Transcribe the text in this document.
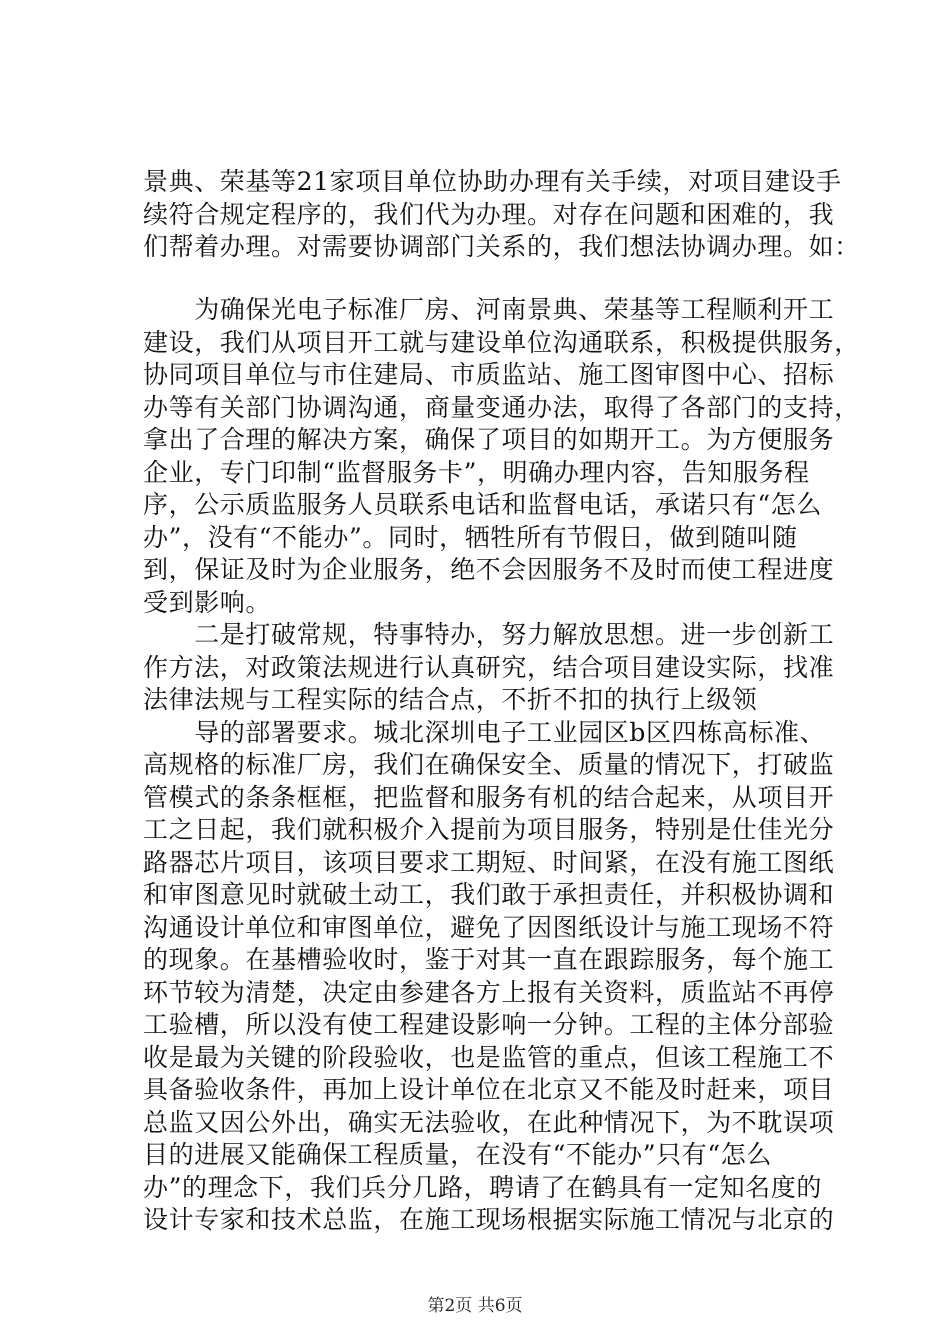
景典、荣基等21家项目单位协助办理有关手续，对项目建设手
续符合规定程序的，我们代为办理。对存在问题和困难的，我
们帮着办理。对需要协调部门关系的，我们想法协调办理。如：
　　为确保光电子标准厂房、河南景典、荣基等工程顺利开工
建设，我们从项目开工就与建设单位沟通联系，积极提供服务，
协同项目单位与市住建局、市质监站、施工图审图中心、招标
办等有关部门协调沟通，商量变通办法，取得了各部门的支持，
拿出了合理的解决方案，确保了项目的如期开工。为方便服务
企业，专门印制“监督服务卡”，明确办理内容，告知服务程
序，公示质监服务人员联系电话和监督电话，承诺只有“怎么
办”，没有“不能办”。同时，牺牲所有节假日，做到随叫随
到，保证及时为企业服务，绝不会因服务不及时而使工程进度
受到影响。
　　二是打破常规，特事特办，努力解放思想。进一步创新工
作方法，对政策法规进行认真研究，结合项目建设实际，找准
法律法规与工程实际的结合点，不折不扣的执行上级领
　　导的部署要求。城北深圳电子工业园区b区四栋高标准、
高规格的标准厂房，我们在确保安全、质量的情况下，打破监
管模式的条条框框，把监督和服务有机的结合起来，从项目开
工之日起，我们就积极介入提前为项目服务，特别是仕佳光分
路器芯片项目，该项目要求工期短、时间紧，在没有施工图纸
和审图意见时就破土动工，我们敢于承担责任，并积极协调和
沟通设计单位和审图单位，避免了因图纸设计与施工现场不符
的现象。在基槽验收时，鉴于对其一直在跟踪服务，每个施工
环节较为清楚，决定由参建各方上报有关资料，质监站不再停
工验槽，所以没有使工程建设影响一分钟。工程的主体分部验
收是最为关键的阶段验收，也是监管的重点，但该工程施工不
具备验收条件，再加上设计单位在北京又不能及时赶来，项目
总监又因公外出，确实无法验收，在此种情况下，为不耽误项
目的进展又能确保工程质量，在没有“不能办”只有“怎么
办”的理念下，我们兵分几路，聘请了在鹤具有一定知名度的
设计专家和技术总监，在施工现场根据实际施工情况与北京的
第2页 共6页
